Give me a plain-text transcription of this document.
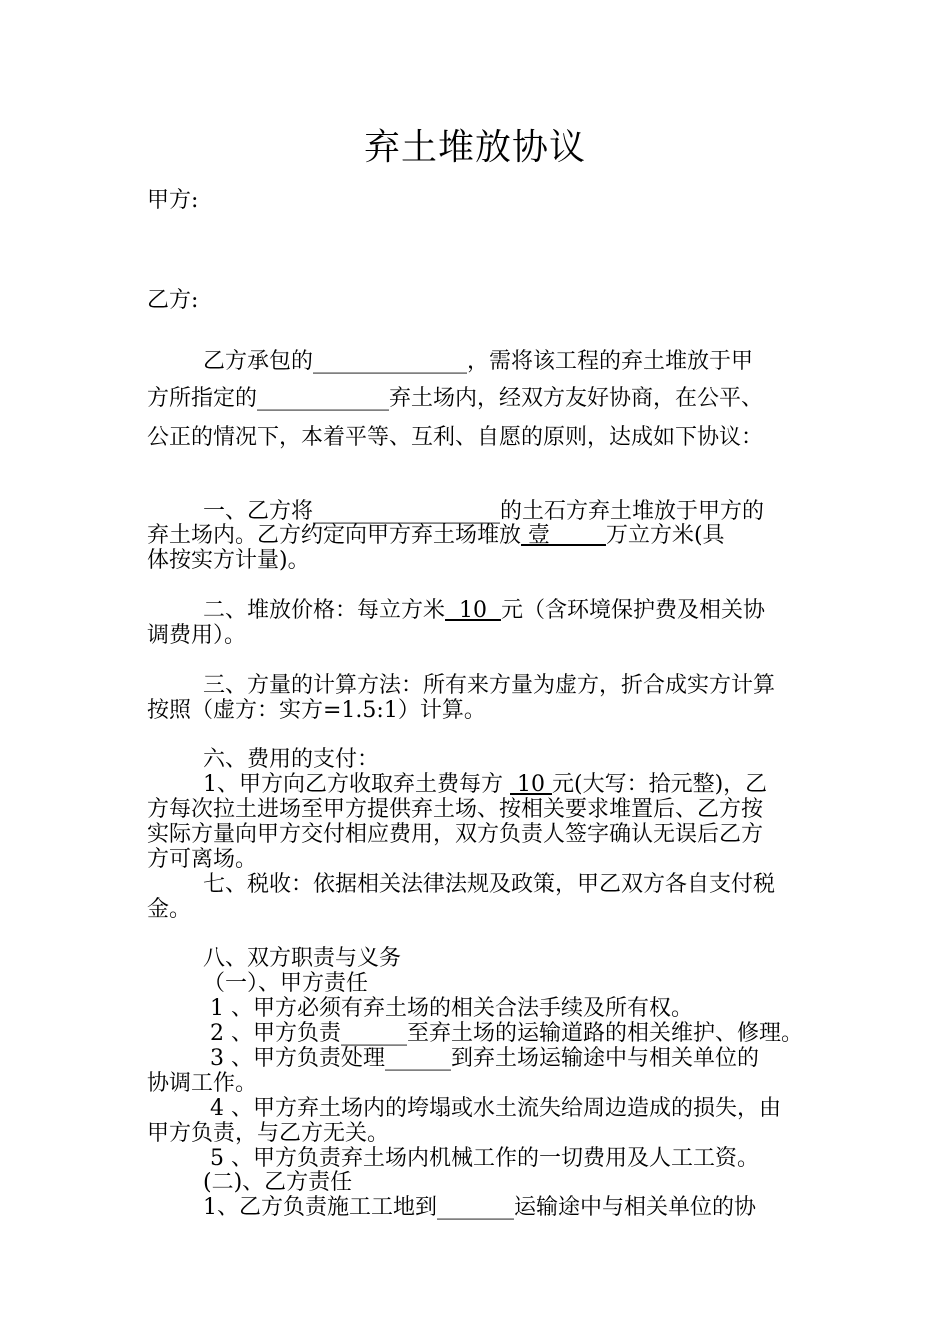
弃土堆放协议
甲方:
乙方:
乙方承包的______________，需将该工程的弃土堆放于甲
方所指定的____________弃土场内，经双方友好协商，在公平、
公正的情况下，本着平等、互利、自愿的原则，达成如下协议：
一、乙方将_________________的土石方弃土堆放于甲方的
弃土场内。乙方约定向甲方弃土场堆放 壹        万立方米(具
体按实方计量)。
二、堆放价格：每立方米  10  元（含环境保护费及相关协
调费用）。
三、方量的计算方法：所有来方量为虚方，折合成实方计算
按照（虚方：实方=1.5:1）计算。
六、费用的支付：
1、甲方向乙方收取弃土费每方  10 元(大写：拾元整)，乙
方每次拉土进场至甲方提供弃土场、按相关要求堆置后、乙方按
实际方量向甲方交付相应费用，双方负责人签字确认无误后乙方
方可离场。
七、税收：依据相关法律法规及政策，甲乙双方各自支付税
金。
八、双方职责与义务
（一）、甲方责任
1 、甲方必须有弃土场的相关合法手续及所有权。
2 、甲方负责______至弃土场的运输道路的相关维护、修理。
3 、甲方负责处理______到弃土场运输途中与相关单位的
协调工作。
4 、甲方弃土场内的垮塌或水土流失给周边造成的损失，由
甲方负责，与乙方无关。
5 、甲方负责弃土场内机械工作的一切费用及人工工资。
(二)、乙方责任
1、乙方负责施工工地到_______运输途中与相关单位的协
